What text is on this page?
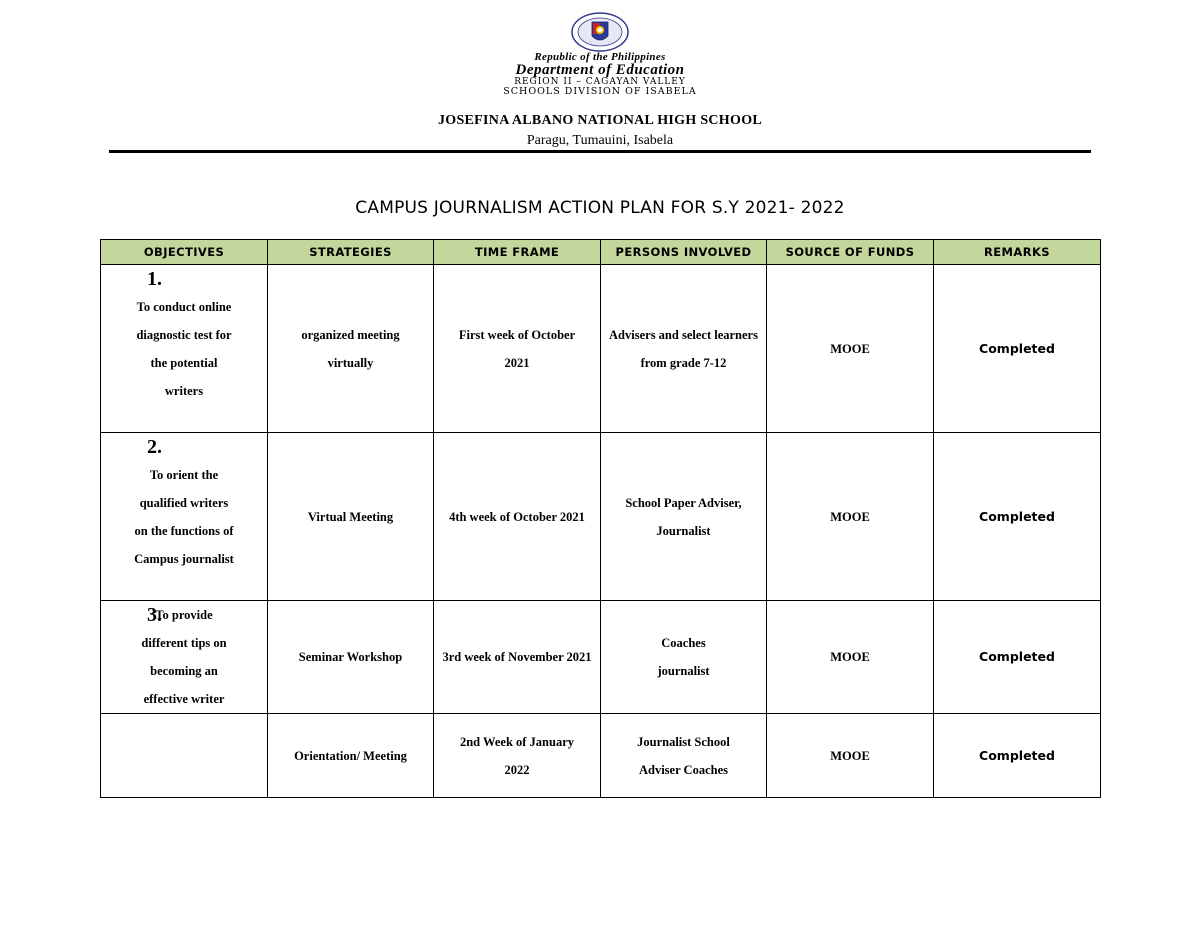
Republic of the Philippines
Department of Education
REGION II – CAGAYAN VALLEY
SCHOOLS DIVISION OF ISABELA
JOSEFINA ALBANO NATIONAL HIGH SCHOOL
Paragu, Tumauini, Isabela
CAMPUS JOURNALISM ACTION PLAN FOR S.Y 2021- 2022
OBJECTIVES	STRATEGIES	TIME FRAME	PERSONS INVOLVED	SOURCE OF FUNDS	REMARKS

1.
To conduct online diagnostic test for the potential writers	organized meeting virtually	First week of October 2021	Advisers and select learners from grade 7-12	MOOE	Completed

2.
To orient the qualified writers on the functions of Campus journalist	Virtual Meeting	4th week of October 2021	School Paper Adviser, Journalist	MOOE	Completed

3.
To provide different tips on becoming an effective writer	Seminar Workshop	3rd week of November 2021	Coaches journalist	MOOE	Completed

	Orientation/ Meeting	2nd Week of January 2022	Journalist School Adviser Coaches	MOOE	Completed
